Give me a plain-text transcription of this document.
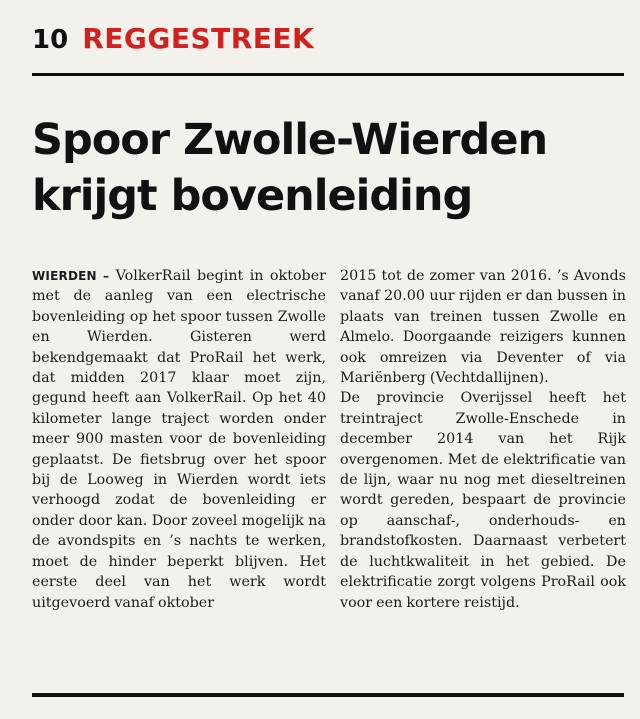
10 REGGESTREEK
Spoor Zwolle-Wierden krijgt bovenleiding

WIERDEN – VolkerRail begint in oktober met de aanleg van een electrische bovenleiding op het spoor tussen Zwolle en Wierden. Gisteren werd bekendgemaakt dat ProRail het werk, dat midden 2017 klaar moet zijn, gegund heeft aan VolkerRail. Op het 40 kilometer lange traject worden onder meer 900 masten voor de bovenleiding geplaatst. De fietsbrug over het spoor bij de Looweg in Wierden wordt iets verhoogd zodat de bovenleiding er onder door kan. Door zoveel mogelijk na de avondspits en ’s nachts te werken, moet de hinder beperkt blijven. Het eerste deel van het werk wordt uitgevoerd vanaf oktober

2015 tot de zomer van 2016. ’s Avonds vanaf 20.00 uur rijden er dan bussen in plaats van treinen tussen Zwolle en Almelo. Doorgaande reizigers kunnen ook omreizen via Deventer of via Mariënberg (Vechtdallijnen).

De provincie Overijssel heeft het treintraject Zwolle-Enschede in december 2014 van het Rijk overgenomen. Met de elektrificatie van de lijn, waar nu nog met dieseltreinen wordt gereden, bespaart de provincie op aanschaf-, onderhouds- en brandstofkosten. Daarnaast verbetert de luchtkwaliteit in het gebied. De elektrificatie zorgt volgens ProRail ook voor een kortere reistijd.
